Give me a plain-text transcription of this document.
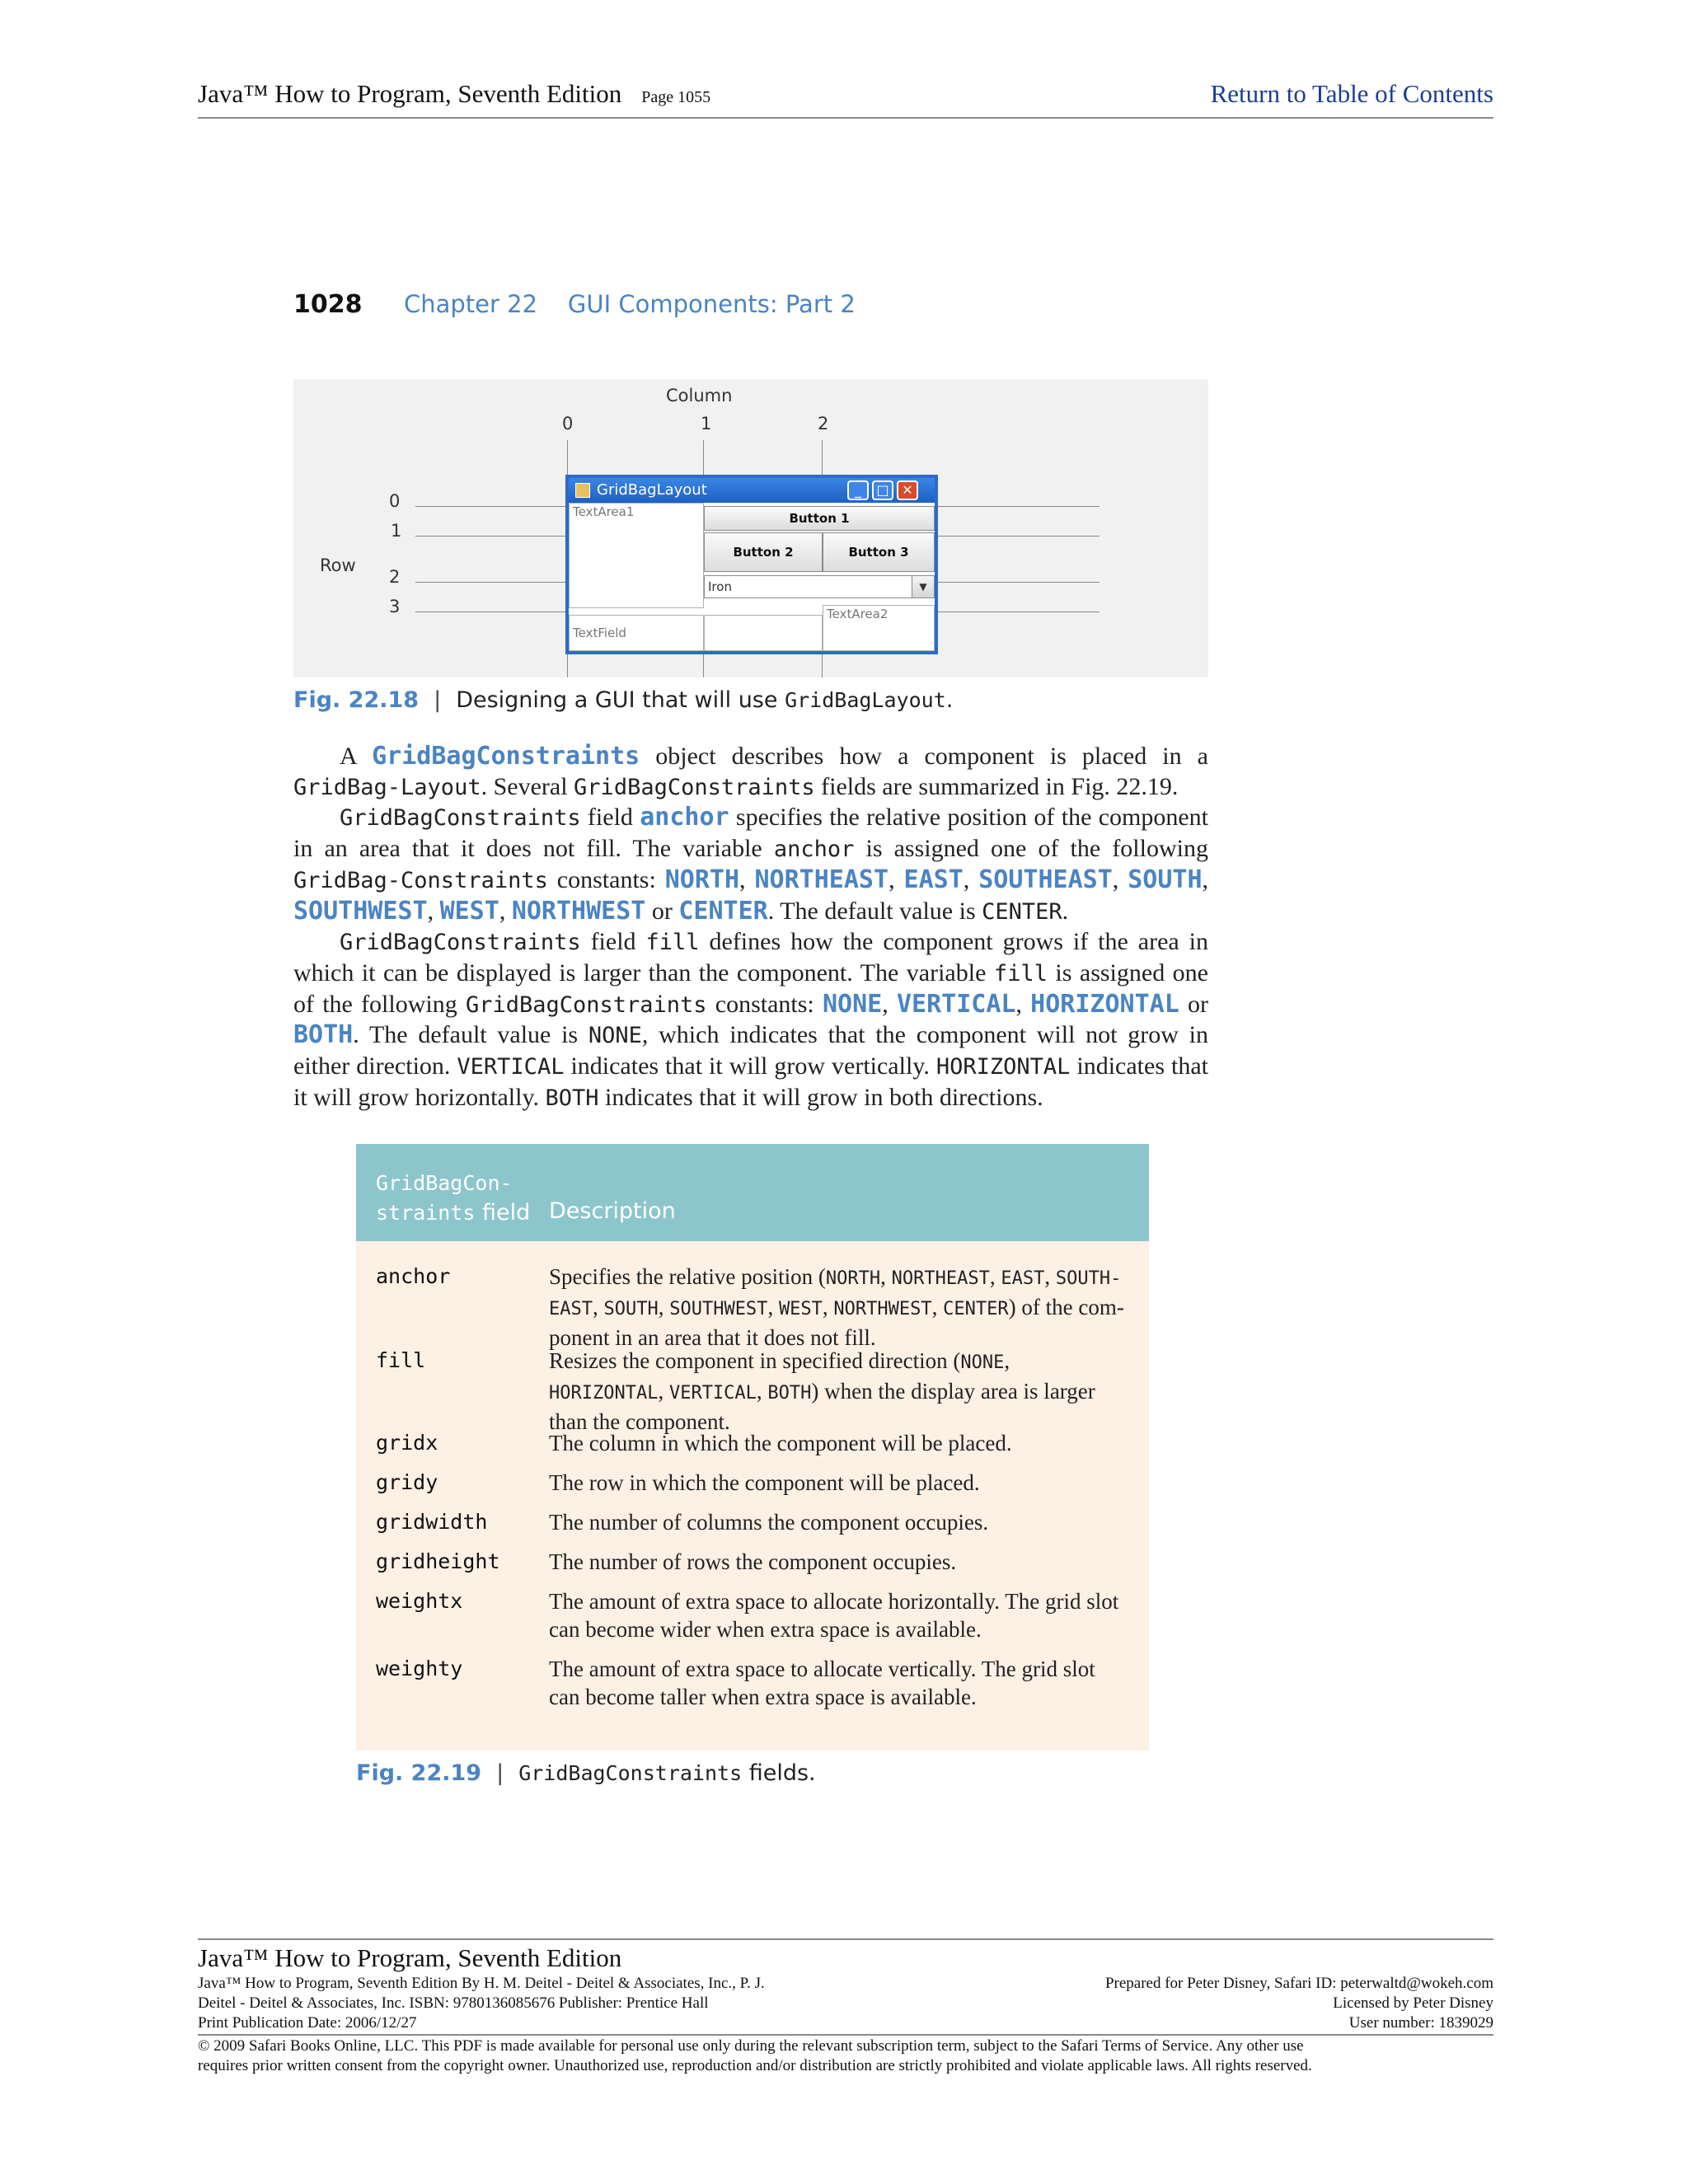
Java™ How to Program, Seventh Edition Page 1055	Return to Table of Contents
1028 Chapter 22    GUI Components: Part 2
Column
0	1	2
Row
0
1
2
3
GridBagLayout	_	□ ✕
TextArea1	Button 1
Button 2	Button 3
Iron	▼
TextField
TextArea2
Fig. 22.18 | Designing a GUI that will use GridBagLayout.

A GridBagConstraints object describes how a component is placed in a GridBag-Layout. Several GridBagConstraints fields are summarized in Fig. 22.19.

GridBagConstraints field anchor specifies the relative position of the component in an area that it does not fill. The variable anchor is assigned one of the following GridBag-Constraints constants: NORTH, NORTHEAST, EAST, SOUTHEAST, SOUTH, SOUTHWEST, WEST, NORTHWEST or CENTER. The default value is CENTER.

GridBagConstraints field fill defines how the component grows if the area in which it can be displayed is larger than the component. The variable fill is assigned one of the following GridBagConstraints constants: NONE, VERTICAL, HORIZONTAL or BOTH. The default value is NONE, which indicates that the component will not grow in either direction. VERTICAL indicates that it will grow vertically. HORIZONTAL indicates that it will grow horizontally. BOTH indicates that it will grow in both directions.

GridBagCon-
straints field Description
anchor	Specifies the relative position (NORTH, NORTHEAST, EAST, SOUTH-EAST, SOUTH, SOUTHWEST, WEST, NORTHWEST, CENTER) of the com-ponent in an area that it does not fill.
fill	Resizes the component in specified direction (NONE, HORIZONTAL, VERTICAL, BOTH) when the display area is larger than the component.
gridx	The column in which the component will be placed.
gridy	The row in which the component will be placed.
gridwidth	The number of columns the component occupies.
gridheight The number of rows the component occupies.
weightx	The amount of extra space to allocate horizontally. The grid slot can become wider when extra space is available.
weighty	The amount of extra space to allocate vertically. The grid slot can become taller when extra space is available.
Fig. 22.19 | GridBagConstraints fields.
Java™ How to Program, Seventh Edition
Java™ How to Program, Seventh Edition By H. M. Deitel - Deitel & Associates, Inc., P. J.	Prepared for Peter Disney, Safari ID: peterwaltd@wokeh.com
Deitel - Deitel & Associates, Inc. ISBN: 9780136085676 Publisher: Prentice Hall	Licensed by Peter Disney
Print Publication Date: 2006/12/27	User number: 1839029
© 2009 Safari Books Online, LLC. This PDF is made available for personal use only during the relevant subscription term, subject to the Safari Terms of Service. Any other use
requires prior written consent from the copyright owner. Unauthorized use, reproduction and/or distribution are strictly prohibited and violate applicable laws. All rights reserved.
